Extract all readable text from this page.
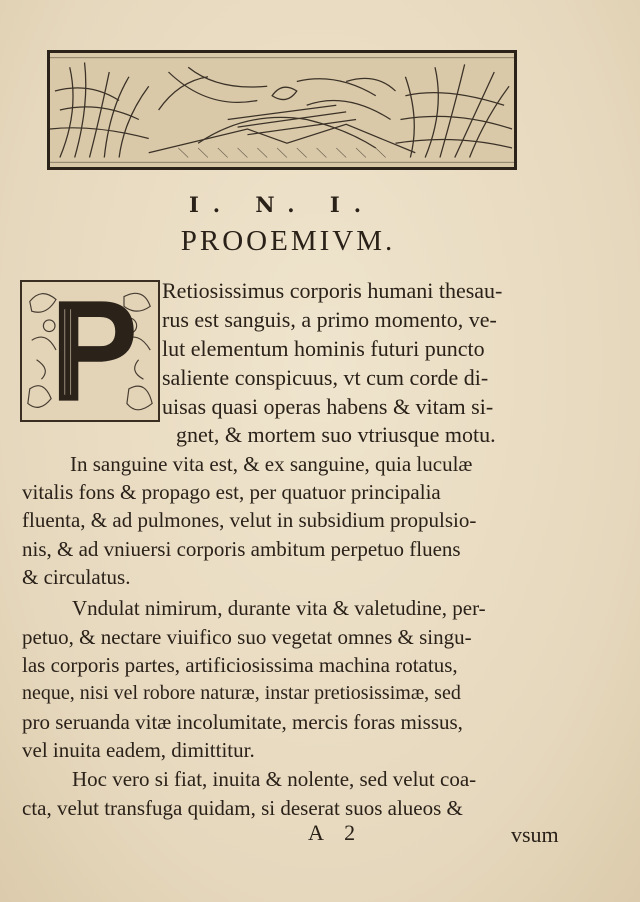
I. N. I.
PROOEMIVM.
Retiosissimus corporis humani thesau-
rus est sanguis, a primo momento, ve-
lut elementum hominis futuri puncto
saliente conspicuus, vt cum corde di-
uisas quasi operas habens & vitam si-
gnet, & mortem suo vtriusque motu.
In sanguine vita est, & ex sanguine, quia luculæ
vitalis fons & propago est, per quatuor principalia
fluenta, & ad pulmones, velut in subsidium propulsio-
nis, & ad vniuersi corporis ambitum perpetuo fluens
& circulatus.
Vndulat nimirum, durante vita & valetudine, per-
petuo, & nectare viuifico suo vegetat omnes & singu-
las corporis partes, artificiosissima machina rotatus,
neque, nisi vel robore naturæ, instar pretiosissimæ, sed
pro seruanda vitæ incolumitate, mercis foras missus,
vel inuita eadem, dimittitur.
Hoc vero si fiat, inuita & nolente, sed velut coa-
cta, velut transfuga quidam, si deserat suos alueos &
A 2	vsum
